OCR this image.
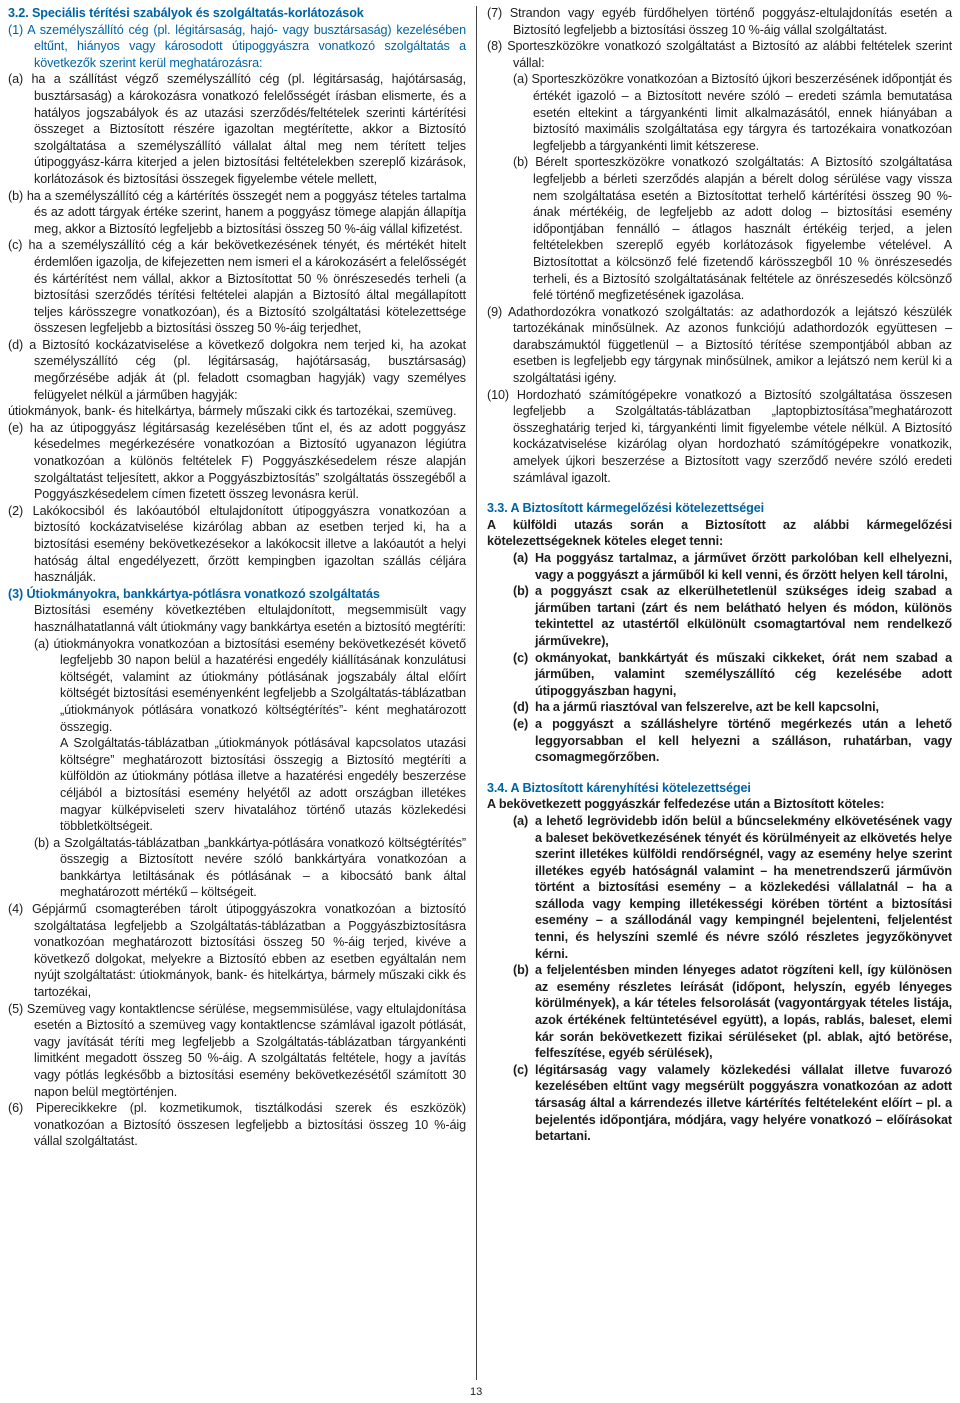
3.2. Speciális térítési szabályok és szolgáltatás-korlátozások

(1) A személyszállító cég (pl. légitársaság, hajó- vagy busztársaság) kezelésében eltűnt, hiányos vagy károsodott útipoggyászra vonatkozó szolgáltatás a következők szerint kerül meghatározásra:

(a) ha a szállítást végző személyszállító cég (pl. légitársaság, hajótársaság, busztársaság) a károkozásra vonatkozó felelősségét írásban elismerte, és a hatályos jogszabályok és az utazási szerződés/feltételek szerinti kártérítési összeget a Biztosított részére igazoltan megtérítette, akkor a Biztosító szolgáltatása a személyszállító vállalat által meg nem térített teljes útipoggyász-kárra kiterjed a jelen biztosítási feltételekben szereplő kizárások, korlátozások és biztosítási összegek figyelembe vétele mellett,

(b) ha a személyszállító cég a kártérítés összegét nem a poggyász tételes tartalma és az adott tárgyak értéke szerint, hanem a poggyász tömege alapján állapítja meg, akkor a Biztosító legfeljebb a biztosítási összeg 50 %-áig vállal kifizetést.

(c) ha a személyszállító cég a kár bekövetkezésének tényét, és mértékét hitelt érdemlően igazolja, de kifejezetten nem ismeri el a károkozásért a felelősségét és kártérítést nem vállal, akkor a Biztosítottat 50 % önrészesedés terheli (a biztosítási szerződés térítési feltételei alapján a Biztosító által megállapított teljes kárösszegre vonatkozóan), és a Biztosító szolgáltatási kötelezettsége összesen legfeljebb a biztosítási összeg 50 %-áig terjedhet,

(d) a Biztosító kockázatviselése a következő dolgokra nem terjed ki, ha azokat személyszállító cég (pl. légitársaság, hajótársaság, busztársaság) megőrzésébe adják át (pl. feladott csomagban hagyják) vagy személyes felügyelet nélkül a járműben hagyják:

útiokmányok, bank- és hitelkártya, bármely műszaki cikk és tartozékai, szemüveg.

(e) ha az útipoggyász légitársaság kezelésében tűnt el, és az adott poggyász késedelmes megérkezésére vonatkozóan a Biztosító ugyanazon légiútra vonatkozóan a különös feltételek F) Poggyászkésedelem része alapján szolgáltatást teljesített, akkor a Poggyászbiztosítás” szolgáltatás összegéből a Poggyászkésedelem címen fizetett összeg levonásra kerül.

(2) Lakókocsiból és lakóautóból eltulajdonított útipoggyászra vonatkozóan a biztosító kockázatviselése kizárólag abban az esetben terjed ki, ha a biztosítási esemény bekövetkezésekor a lakókocsit illetve a lakóautót a helyi hatóság által engedélyezett, őrzött kempingben igazoltan szállás céljára használják.

(3) Útiokmányokra, bankkártya-pótlásra vonatkozó szolgáltatás

Biztosítási esemény következtében eltulajdonított, megsemmisült vagy használhatatlanná vált útiokmány vagy bankkártya esetén a biztosító megtéríti:

(a) útiokmányokra vonatkozóan a biztosítási esemény bekövetkezését követő legfeljebb 30 napon belül a hazatérési engedély kiállításának konzulátusi költségét, valamint az útiokmány pótlásának jogszabály által előírt költségét biztosítási eseményenként legfeljebb a Szolgáltatás-táblázatban „útiokmányok pótlására vonatkozó költségtérítés”- ként meghatározott összegig.

A Szolgáltatás-táblázatban „útiokmányok pótlásával kapcsolatos utazási költségre” meghatározott biztosítási összegig a Biztosító megtéríti a külföldön az útiokmány pótlása illetve a hazatérési engedély beszerzése céljából a biztosítási esemény helyétől az adott országban illetékes magyar külképviseleti szerv hivatalához történő utazás közlekedési többletköltségeit.

(b) a Szolgáltatás-táblázatban „bankkártya-pótlására vonatkozó költségtérítés” összegig a Biztosított nevére szóló bankkártyára vonatkozóan a bankkártya letiltásának és pótlásának – a kibocsátó bank által meghatározott mértékű – költségeit.

(4) Gépjármű csomagterében tárolt útipoggyászokra vonatkozóan a biztosító szolgáltatása legfeljebb a Szolgáltatás-táblázatban a Poggyászbiztosításra vonatkozóan meghatározott biztosítási összeg 50 %-áig terjed, kivéve a következő dolgokat, melyekre a Biztosító ebben az esetben egyáltalán nem nyújt szolgáltatást: útiokmányok, bank- és hitelkártya, bármely műszaki cikk és tartozékai,

(5) Szemüveg vagy kontaktlencse sérülése, megsemmisülése, vagy eltulajdonítása esetén a Biztosító a szemüveg vagy kontaktlencse számlával igazolt pótlását, vagy javítását téríti meg legfeljebb a Szolgáltatás-táblázatban tárgyankénti limitként megadott összeg 50 %-áig. A szolgáltatás feltétele, hogy a javítás vagy pótlás legkésőbb a biztosítási esemény bekövetkezésétől számított 30 napon belül megtörténjen.

(6) Piperecikkekre (pl. kozmetikumok, tisztálkodási szerek és eszközök) vonatkozóan a Biztosító összesen legfeljebb a biztosítási összeg 10 %-áig vállal szolgáltatást.

(7) Strandon vagy egyéb fürdőhelyen történő poggyász-eltulajdonítás esetén a Biztosító legfeljebb a biztosítási összeg 10 %-áig vállal szolgáltatást.

(8) Sporteszközökre vonatkozó szolgáltatást a Biztosító az alábbi feltételek szerint vállal:

(a) Sporteszközökre vonatkozóan a Biztosító újkori beszerzésének időpontját és értékét igazoló – a Biztosított nevére szóló – eredeti számla bemutatása esetén eltekint a tárgyankénti limit alkalmazásától, ennek hiányában a biztosító maximális szolgáltatása egy tárgyra és tartozékaira vonatkozóan legfeljebb a tárgyankénti limit kétszerese.

(b) Bérelt sporteszközökre vonatkozó szolgáltatás: A Biztosító szolgáltatása legfeljebb a bérleti szerződés alapján a bérelt dolog sérülése vagy vissza nem szolgáltatása esetén a Biztosítottat terhelő kártérítési összeg 90 %-ának mértékéig, de legfeljebb az adott dolog – biztosítási esemény időpontjában fennálló – átlagos használt értékéig terjed, a jelen feltételekben szereplő egyéb korlátozások figyelembe vételével. A Biztosítottat a kölcsönző felé fizetendő kárösszegből 10 % önrészesedés terheli, és a Biztosító szolgáltatásának feltétele az önrészesedés kölcsönző felé történő megfizetésének igazolása.

(9) Adathordozókra vonatkozó szolgáltatás: az adathordozók a lejátszó készülék tartozékának minősülnek. Az azonos funkciójú adathordozók együttesen – darabszámuktól függetlenül – a Biztosító térítése szempontjából abban az esetben is legfeljebb egy tárgynak minősülnek, amikor a lejátszó nem kerül ki a szolgáltatási igény.

(10) Hordozható számítógépekre vonatkozó a Biztosító szolgáltatása összesen legfeljebb a Szolgáltatás-táblázatban „laptopbiztosítása”meghatározott összeghatárig terjed ki, tárgyankénti limit figyelembe vétele nélkül. A Biztosító kockázatviselése kizárólag olyan hordozható számítógépekre vonatkozik, amelyek újkori beszerzése a Biztosított vagy szerződő nevére szóló eredeti számlával igazolt.

3.3. A Biztosított kármegelőzési kötelezettségei

A külföldi utazás során a Biztosított az alábbi kármegelőzési kötelezettségeknek köteles eleget tenni:

(a) Ha poggyász tartalmaz, a járművet őrzött parkolóban kell elhelyezni, vagy a poggyászt a járműből ki kell venni, és őrzött helyen kell tárolni,

(b) a poggyászt csak az elkerülhetetlenül szükséges ideig szabad a járműben tartani (zárt és nem belátható helyen és módon, különös tekintettel az utastértől elkülönült csomagtartóval nem rendelkező járművekre),

(c) okmányokat, bankkártyát és műszaki cikkeket, órát nem szabad a járműben, valamint személyszállító cég kezelésébe adott útipoggyászban hagyni,

(d) ha a jármű riasztóval van felszerelve, azt be kell kapcsolni,

(e) a poggyászt a szálláshelyre történő megérkezés után a lehető leggyorsabban el kell helyezni a szálláson, ruhatárban, vagy csomagmegőrzőben.

3.4. A Biztosított kárenyhítési kötelezettségei

A bekövetkezett poggyászkár felfedezése után a Biztosított köteles:

(a) a lehető legrövidebb időn belül a bűncselekmény elkövetésének vagy a baleset bekövetkezésének tényét és körülményeit az elkövetés helye szerint illetékes külföldi rendőrségnél, vagy az esemény helye szerint illetékes egyéb hatóságnál valamint – ha menetrendszerű járművön történt a biztosítási esemény – a közlekedési vállalatnál – ha a szálloda vagy kemping illetékességi körében történt a biztosítási esemény – a szállodánál vagy kempingnél bejelenteni, feljelentést tenni, és helyszíni szemlé és névre szóló részletes jegyzőkönyvet kérni.

(b) a feljelentésben minden lényeges adatot rögzíteni kell, így különösen az esemény részletes leírását (időpont, helyszín, egyéb lényeges körülmények), a kár tételes felsorolását (vagyontárgyak tételes listája, azok értékének feltüntetésével együtt), a lopás, rablás, baleset, elemi kár során bekövetkezett fizikai sérüléseket (pl. ablak, ajtó betörése, felfeszítése, egyéb sérülések),

(c) légitársaság vagy valamely közlekedési vállalat illetve fuvarozó kezelésében eltűnt vagy megsérült poggyászra vonatkozóan az adott társaság által a kárrendezés illetve kártérítés feltételeként előírt – pl. a bejelentés időpontjára, módjára, vagy helyére vonatkozó – előírásokat betartani.

13
